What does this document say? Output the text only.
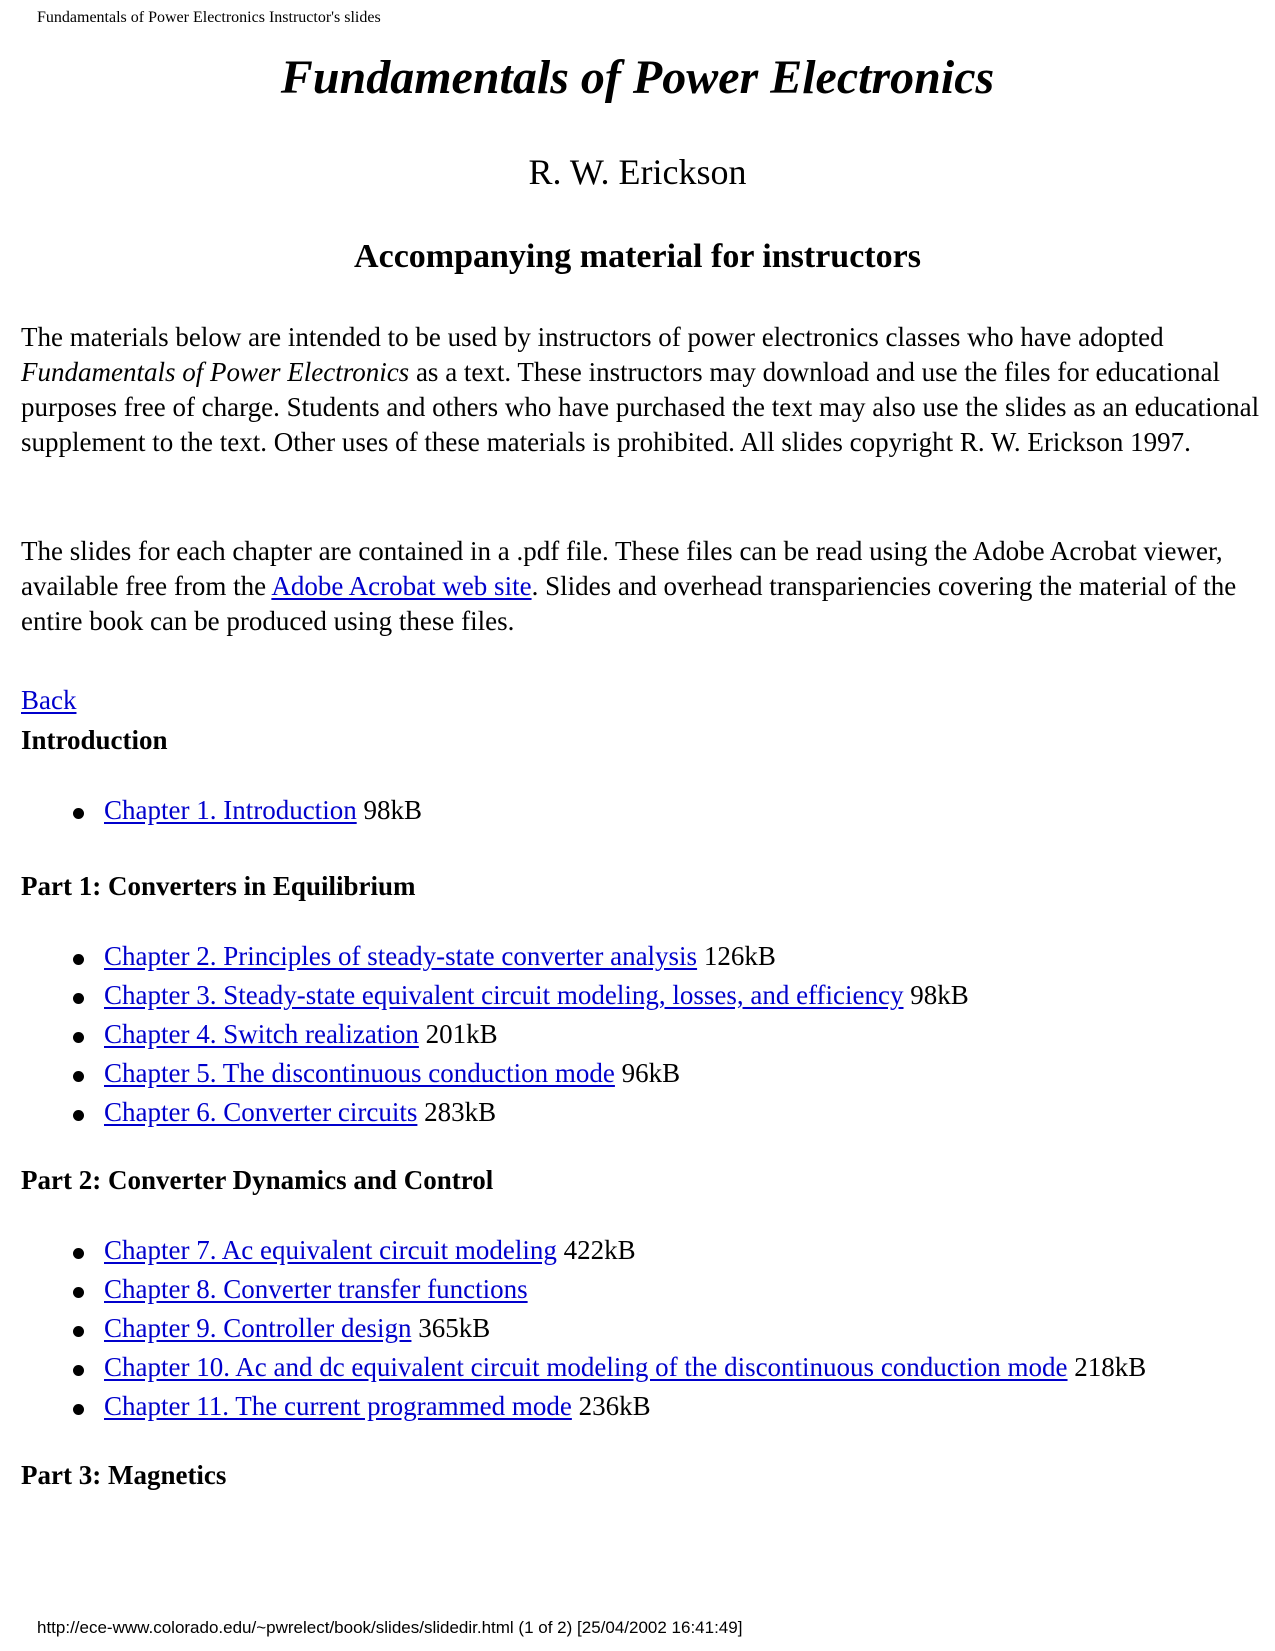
Fundamentals of Power Electronics Instructor's slides
Fundamentals of Power Electronics
R. W. Erickson
Accompanying material for instructors

The materials below are intended to be used by instructors of power electronics classes who have adopted Fundamentals of Power Electronics as a text. These instructors may download and use the files for educational purposes free of charge. Students and others who have purchased the text may also use the slides as an educational supplement to the text. Other uses of these materials is prohibited. All slides copyright R. W. Erickson 1997.

The slides for each chapter are contained in a .pdf file. These files can be read using the Adobe Acrobat viewer, available free from the Adobe Acrobat web site. Slides and overhead transpariencies covering the material of the entire book can be produced using these files.

Back
Introduction
Chapter 1. Introduction 98kB
Part 1: Converters in Equilibrium
Chapter 2. Principles of steady-state converter analysis 126kB
Chapter 3. Steady-state equivalent circuit modeling, losses, and efficiency 98kB
Chapter 4. Switch realization 201kB
Chapter 5. The discontinuous conduction mode 96kB
Chapter 6. Converter circuits 283kB
Part 2: Converter Dynamics and Control
Chapter 7. Ac equivalent circuit modeling 422kB
Chapter 8. Converter transfer functions
Chapter 9. Controller design 365kB
Chapter 10. Ac and dc equivalent circuit modeling of the discontinuous conduction mode 218kB
Chapter 11. The current programmed mode 236kB
Part 3: Magnetics
http://ece-www.colorado.edu/~pwrelect/book/slides/slidedir.html (1 of 2) [25/04/2002 16:41:49]
